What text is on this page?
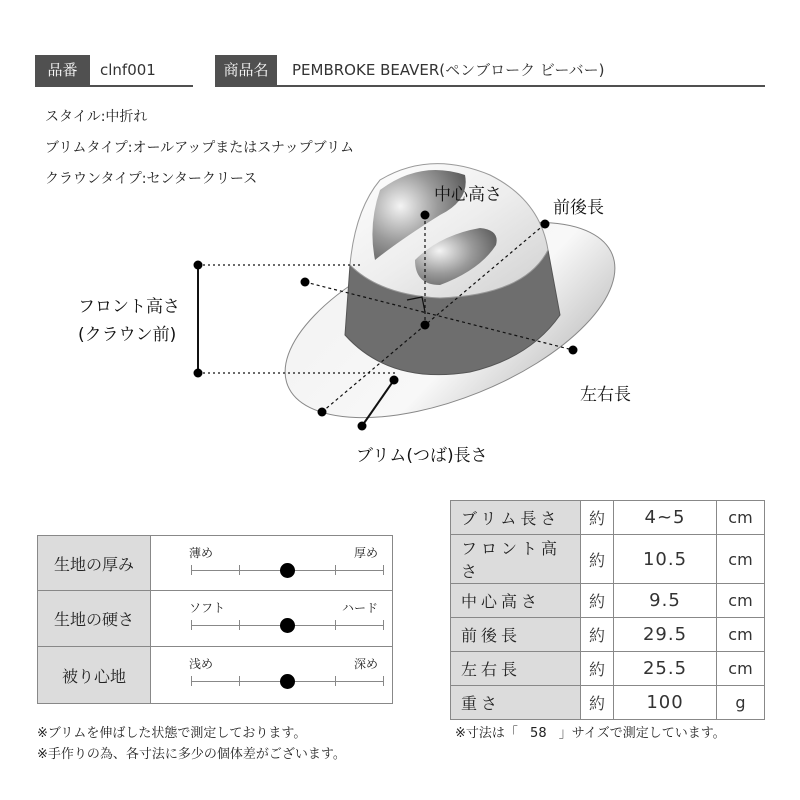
品番	clnf001	商品名	PEMBROKE BEAVER(ペンブローク ビーバー)
スタイル:中折れ
ブリムタイプ:オールアップまたはスナップブリム
クラウンタイプ:センタークリース
中心高さ
前後長
フロント高さ
(クラウン前)
左右長
ブリム(つば)長さ
生地の厚み	薄め 厚め

生地の硬さ	ソフト ハード

被り心地	浅め 深め
ブリム長さ	約	4~5	cm
フロント高さ	約	10.5	cm
中心高さ	約	9.5	cm
前後長	約	29.5	cm
左右長	約	25.5	cm
重さ	約	100	g
※ブリムを伸ばした状態で測定しております。
※手作りの為、各寸法に多少の個体差がございます。
※寸法は「 58 」サイズで測定しています。
